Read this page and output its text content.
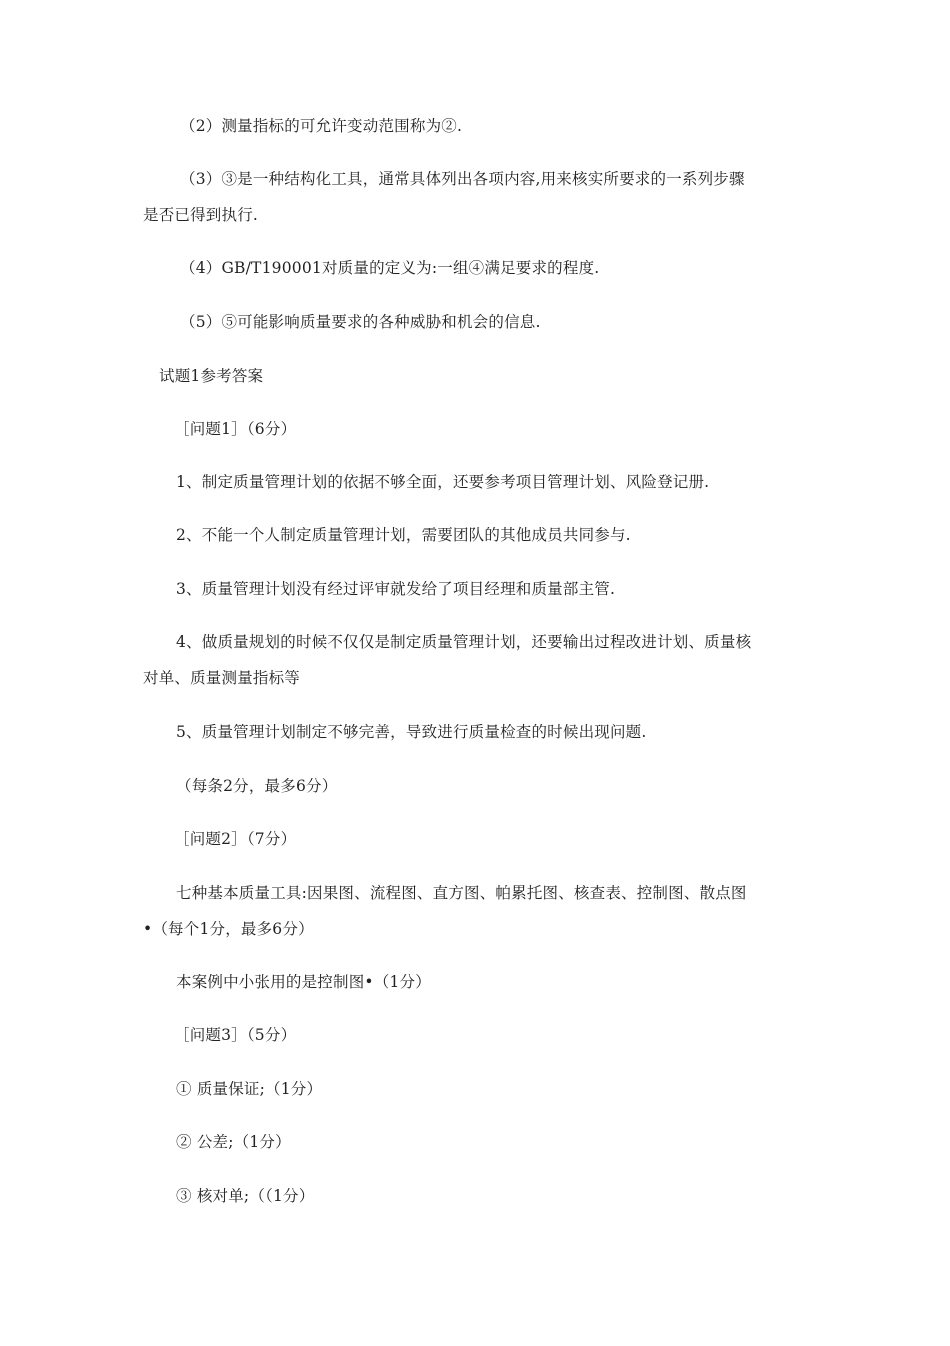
（2）测量指标的可允许变动范围称为②.
（3）③是一种结构化工具，通常具体列出各项内容,用来核实所要求的一系列步骤
是否已得到执行.
（4）GB/T190001对质量的定义为:一组④满足要求的程度.
（5）⑤可能影响质量要求的各种威胁和机会的信息.
试题1参考答案
［问题1］（6分）
1、制定质量管理计划的依据不够全面，还要参考项目管理计划、风险登记册.
2、不能一个人制定质量管理计划，需要团队的其他成员共同参与.
3、质量管理计划没有经过评审就发给了项目经理和质量部主管.
4、做质量规划的时候不仅仅是制定质量管理计划，还要输出过程改进计划、质量核
对单、质量测量指标等
5、质量管理计划制定不够完善，导致进行质量检查的时候出现问题.
（每条2分，最多6分）
［问题2］（7分）
七种基本质量工具:因果图、流程图、直方图、帕累托图、核查表、控制图、散点图
•（每个1分，最多6分）
本案例中小张用的是控制图•（1分）
［问题3］（5分）
① 质量保证;（1分）
② 公差;（1分）
③ 核对单;（（1分）
